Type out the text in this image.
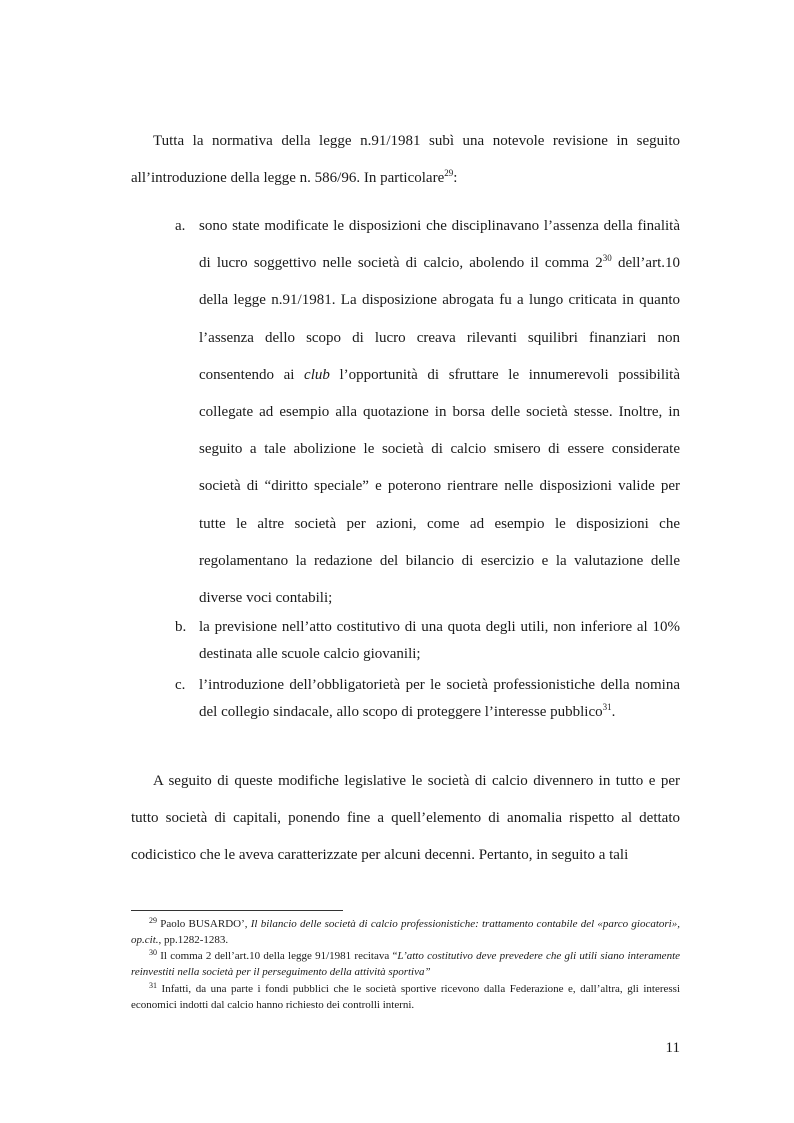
Tutta la normativa della legge n.91/1981 subì una notevole revisione in seguito all’introduzione della legge n. 586/96. In particolare$^{29}$:

a. sono state modificate le disposizioni che disciplinavano l’assenza della finalità di lucro soggettivo nelle società di calcio, abolendo il comma $2^{30}$ dell’art.10 della legge n.91/1981. La disposizione abrogata fu a lungo criticata in quanto l’assenza dello scopo di lucro creava rilevanti squilibri finanziari non consentendo ai club l’opportunità di sfruttare le innumerevoli possibilità collegate ad esempio alla quotazione in borsa delle società stesse. Inoltre, in seguito a tale abolizione le società di calcio smisero di essere considerate società di “diritto speciale” e poterono rientrare nelle disposizioni valide per tutte le altre società per azioni, come ad esempio le disposizioni che regolamentano la redazione del bilancio di esercizio e la valutazione delle diverse voci contabili;
b. la previsione nell’atto costitutivo di una quota degli utili, non inferiore al 10% destinata alle scuole calcio giovanili;
c. l’introduzione dell’obbligatorietà per le società professionistiche della nomina del collegio sindacale, allo scopo di proteggere l’interesse pubblico$^{31}$.

A seguito di queste modifiche legislative le società di calcio divennero in tutto e per tutto società di capitali, ponendo fine a quell’elemento di anomalia rispetto al dettato codicistico che le aveva caratterizzate per alcuni decenni. Pertanto, in seguito a tali

$^{29}$ Paolo BUSARDO’, Il bilancio delle società di calcio professionistiche: trattamento contabile del «parco giocatori», op.cit., pp.1282-1283.

$^{30}$ Il comma 2 dell’art.10 della legge 91/1981 recitava “L’atto costitutivo deve prevedere che gli utili siano interamente reinvestiti nella società per il perseguimento della attività sportiva”

$^{31}$ Infatti, da una parte i fondi pubblici che le società sportive ricevono dalla Federazione e, dall’altra, gli interessi economici indotti dal calcio hanno richiesto dei controlli interni.

11
